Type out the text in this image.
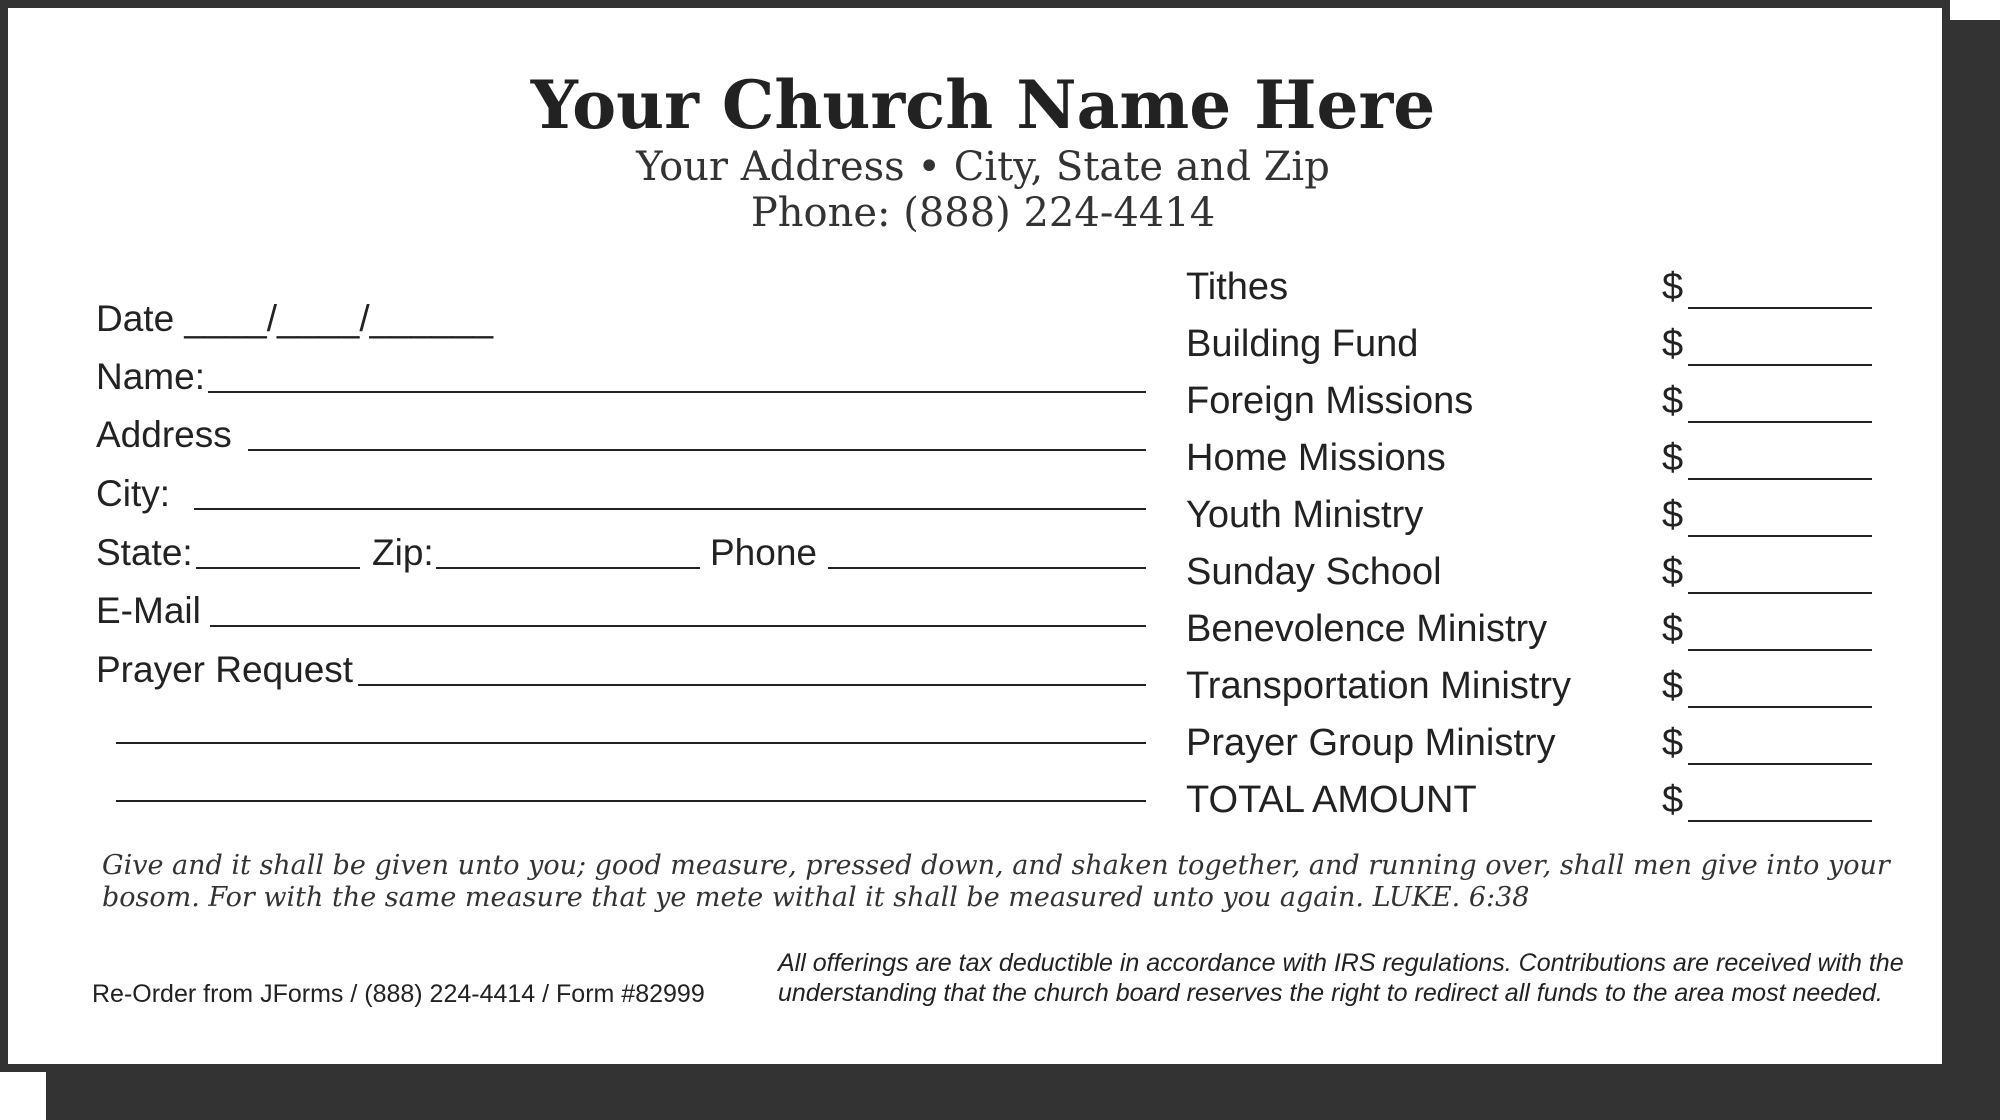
Your Church Name Here
Your Address • City, State and Zip
Phone: (888) 224-4414
Date ____/____/______
Name:
Address
City:
State:	Zip:	Phone
E-Mail
Prayer Request
Tithes	$
Building Fund	$
Foreign Missions	$
Home Missions	$
Youth Ministry	$
Sunday School	$
Benevolence Ministry	$
Transportation Ministry $
Prayer Group Ministry	$
TOTAL AMOUNT	$
Give and it shall be given unto you; good measure, pressed down, and shaken together, and running over, shall men give into your bosom. For with the same measure that ye mete withal it shall be measured unto you again. LUKE. 6:38
Re-Order from JForms / (888) 224-4414 / Form #82999
All offerings are tax deductible in accordance with IRS regulations. Contributions are received with the understanding that the church board reserves the right to redirect all funds to the area most needed.
